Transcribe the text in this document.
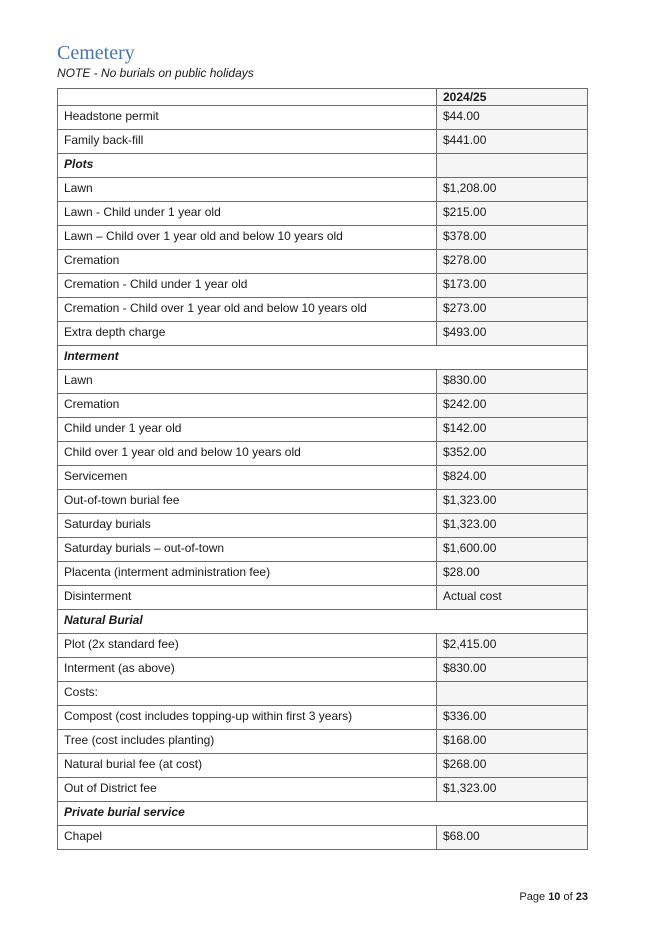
Cemetery
NOTE - No burials on public holidays
	2024/25
Headstone permit	$44.00
Family back-fill	$441.00
Plots	
Lawn	$1,208.00
Lawn - Child under 1 year old	$215.00
Lawn – Child over 1 year old and below 10 years old	$378.00
Cremation	$278.00
Cremation - Child under 1 year old	$173.00
Cremation - Child over 1 year old and below 10 years old	$273.00
Extra depth charge	$493.00
Interment	
Lawn	$830.00
Cremation	$242.00
Child under 1 year old	$142.00
Child over 1 year old and below 10 years old	$352.00
Servicemen	$824.00
Out-of-town burial fee	$1,323.00
Saturday burials	$1,323.00
Saturday burials – out-of-town	$1,600.00
Placenta (interment administration fee)	$28.00
Disinterment	Actual cost
Natural Burial	
Plot (2x standard fee)	$2,415.00
Interment (as above)	$830.00
Costs:	
Compost (cost includes topping-up within first 3 years)	$336.00
Tree (cost includes planting)	$168.00
Natural burial fee (at cost)	$268.00
Out of District fee	$1,323.00
Private burial service	
Chapel	$68.00
Page 10 of 23
